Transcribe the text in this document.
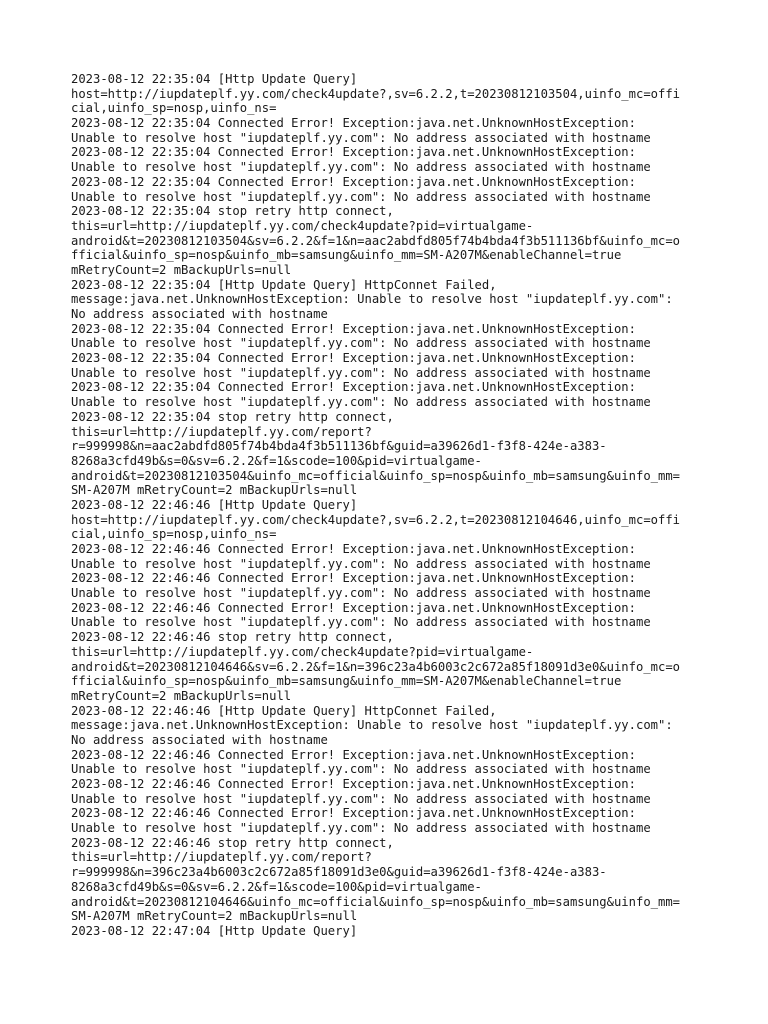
2023-08-12 22:35:04 [Http Update Query]
host=http://iupdateplf.yy.com/check4update?,sv=6.2.2,t=20230812103504,uinfo_mc=offi
cial,uinfo_sp=nosp,uinfo_ns=
2023-08-12 22:35:04 Connected Error! Exception:java.net.UnknownHostException:
Unable to resolve host "iupdateplf.yy.com": No address associated with hostname
2023-08-12 22:35:04 Connected Error! Exception:java.net.UnknownHostException:
Unable to resolve host "iupdateplf.yy.com": No address associated with hostname
2023-08-12 22:35:04 Connected Error! Exception:java.net.UnknownHostException:
Unable to resolve host "iupdateplf.yy.com": No address associated with hostname
2023-08-12 22:35:04 stop retry http connect,
this=url=http://iupdateplf.yy.com/check4update?pid=virtualgame-
android&t=20230812103504&sv=6.2.2&f=1&n=aac2abdfd805f74b4bda4f3b511136bf&uinfo_mc=o
fficial&uinfo_sp=nosp&uinfo_mb=samsung&uinfo_mm=SM-A207M&enableChannel=true
mRetryCount=2 mBackupUrls=null
2023-08-12 22:35:04 [Http Update Query] HttpConnet Failed,
message:java.net.UnknownHostException: Unable to resolve host "iupdateplf.yy.com":
No address associated with hostname
2023-08-12 22:35:04 Connected Error! Exception:java.net.UnknownHostException:
Unable to resolve host "iupdateplf.yy.com": No address associated with hostname
2023-08-12 22:35:04 Connected Error! Exception:java.net.UnknownHostException:
Unable to resolve host "iupdateplf.yy.com": No address associated with hostname
2023-08-12 22:35:04 Connected Error! Exception:java.net.UnknownHostException:
Unable to resolve host "iupdateplf.yy.com": No address associated with hostname
2023-08-12 22:35:04 stop retry http connect,
this=url=http://iupdateplf.yy.com/report?
r=999998&n=aac2abdfd805f74b4bda4f3b511136bf&guid=a39626d1-f3f8-424e-a383-
8268a3cfd49b&s=0&sv=6.2.2&f=1&scode=100&pid=virtualgame-
android&t=20230812103504&uinfo_mc=official&uinfo_sp=nosp&uinfo_mb=samsung&uinfo_mm=
SM-A207M mRetryCount=2 mBackupUrls=null
2023-08-12 22:46:46 [Http Update Query]
host=http://iupdateplf.yy.com/check4update?,sv=6.2.2,t=20230812104646,uinfo_mc=offi
cial,uinfo_sp=nosp,uinfo_ns=
2023-08-12 22:46:46 Connected Error! Exception:java.net.UnknownHostException:
Unable to resolve host "iupdateplf.yy.com": No address associated with hostname
2023-08-12 22:46:46 Connected Error! Exception:java.net.UnknownHostException:
Unable to resolve host "iupdateplf.yy.com": No address associated with hostname
2023-08-12 22:46:46 Connected Error! Exception:java.net.UnknownHostException:
Unable to resolve host "iupdateplf.yy.com": No address associated with hostname
2023-08-12 22:46:46 stop retry http connect,
this=url=http://iupdateplf.yy.com/check4update?pid=virtualgame-
android&t=20230812104646&sv=6.2.2&f=1&n=396c23a4b6003c2c672a85f18091d3e0&uinfo_mc=o
fficial&uinfo_sp=nosp&uinfo_mb=samsung&uinfo_mm=SM-A207M&enableChannel=true
mRetryCount=2 mBackupUrls=null
2023-08-12 22:46:46 [Http Update Query] HttpConnet Failed,
message:java.net.UnknownHostException: Unable to resolve host "iupdateplf.yy.com":
No address associated with hostname
2023-08-12 22:46:46 Connected Error! Exception:java.net.UnknownHostException:
Unable to resolve host "iupdateplf.yy.com": No address associated with hostname
2023-08-12 22:46:46 Connected Error! Exception:java.net.UnknownHostException:
Unable to resolve host "iupdateplf.yy.com": No address associated with hostname
2023-08-12 22:46:46 Connected Error! Exception:java.net.UnknownHostException:
Unable to resolve host "iupdateplf.yy.com": No address associated with hostname
2023-08-12 22:46:46 stop retry http connect,
this=url=http://iupdateplf.yy.com/report?
r=999998&n=396c23a4b6003c2c672a85f18091d3e0&guid=a39626d1-f3f8-424e-a383-
8268a3cfd49b&s=0&sv=6.2.2&f=1&scode=100&pid=virtualgame-
android&t=20230812104646&uinfo_mc=official&uinfo_sp=nosp&uinfo_mb=samsung&uinfo_mm=
SM-A207M mRetryCount=2 mBackupUrls=null
2023-08-12 22:47:04 [Http Update Query]
